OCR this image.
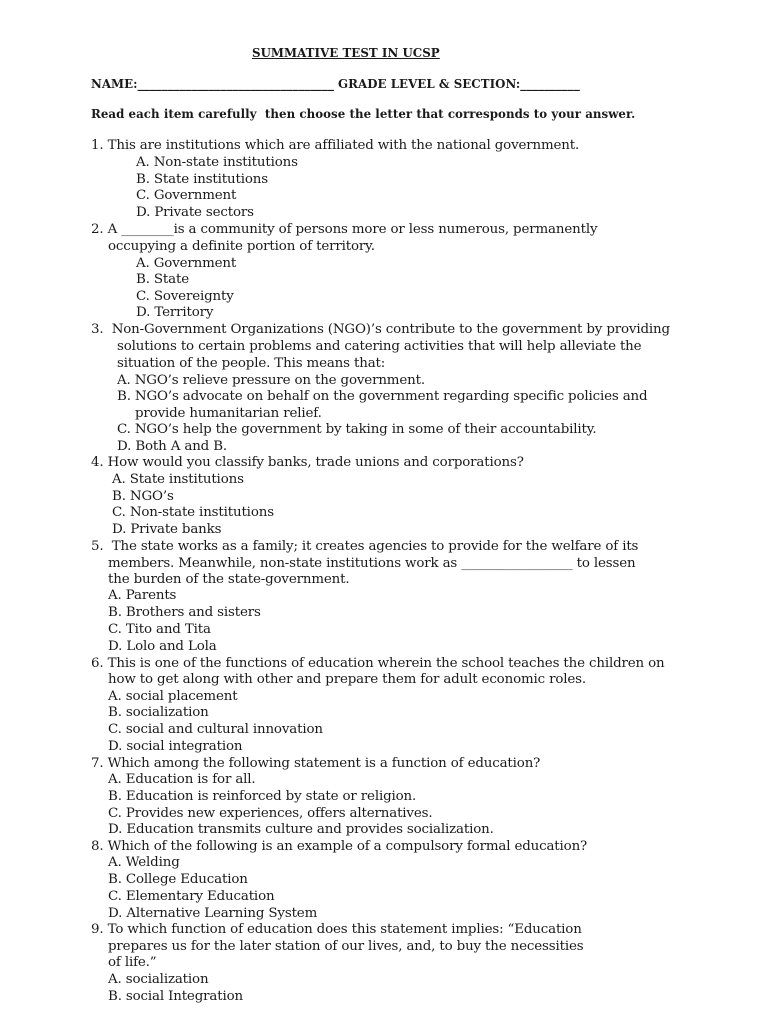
SUMMATIVE TEST IN UCSP
NAME:_________________________________ GRADE LEVEL & SECTION:__________
Read each item carefully  then choose the letter that corresponds to your answer.
1. This are institutions which are affiliated with the national government.
A. Non-state institutions
B. State institutions
C. Government
D. Private sectors
2. A ________is a community of persons more or less numerous, permanently
occupying a definite portion of territory.
A. Government
B. State
C. Sovereignty
D. Territory
3.  Non-Government Organizations (NGO)’s contribute to the government by providing
solutions to certain problems and catering activities that will help alleviate the
situation of the people. This means that:
A. NGO’s relieve pressure on the government.
B. NGO’s advocate on behalf on the government regarding specific policies and
provide humanitarian relief.
C. NGO’s help the government by taking in some of their accountability.
D. Both A and B.
4. How would you classify banks, trade unions and corporations?
A. State institutions
B. NGO’s
C. Non-state institutions
D. Private banks
5.  The state works as a family; it creates agencies to provide for the welfare of its
members. Meanwhile, non-state institutions work as _________________ to lessen
the burden of the state-government.
A. Parents
B. Brothers and sisters
C. Tito and Tita
D. Lolo and Lola
6. This is one of the functions of education wherein the school teaches the children on
how to get along with other and prepare them for adult economic roles.
A. social placement
B. socialization
C. social and cultural innovation
D. social integration
7. Which among the following statement is a function of education?
A. Education is for all.
B. Education is reinforced by state or religion.
C. Provides new experiences, offers alternatives.
D. Education transmits culture and provides socialization.
8. Which of the following is an example of a compulsory formal education?
A. Welding
B. College Education
C. Elementary Education
D. Alternative Learning System
9. To which function of education does this statement implies: “Education
prepares us for the later station of our lives, and, to buy the necessities
of life.”
A. socialization
B. social Integration
